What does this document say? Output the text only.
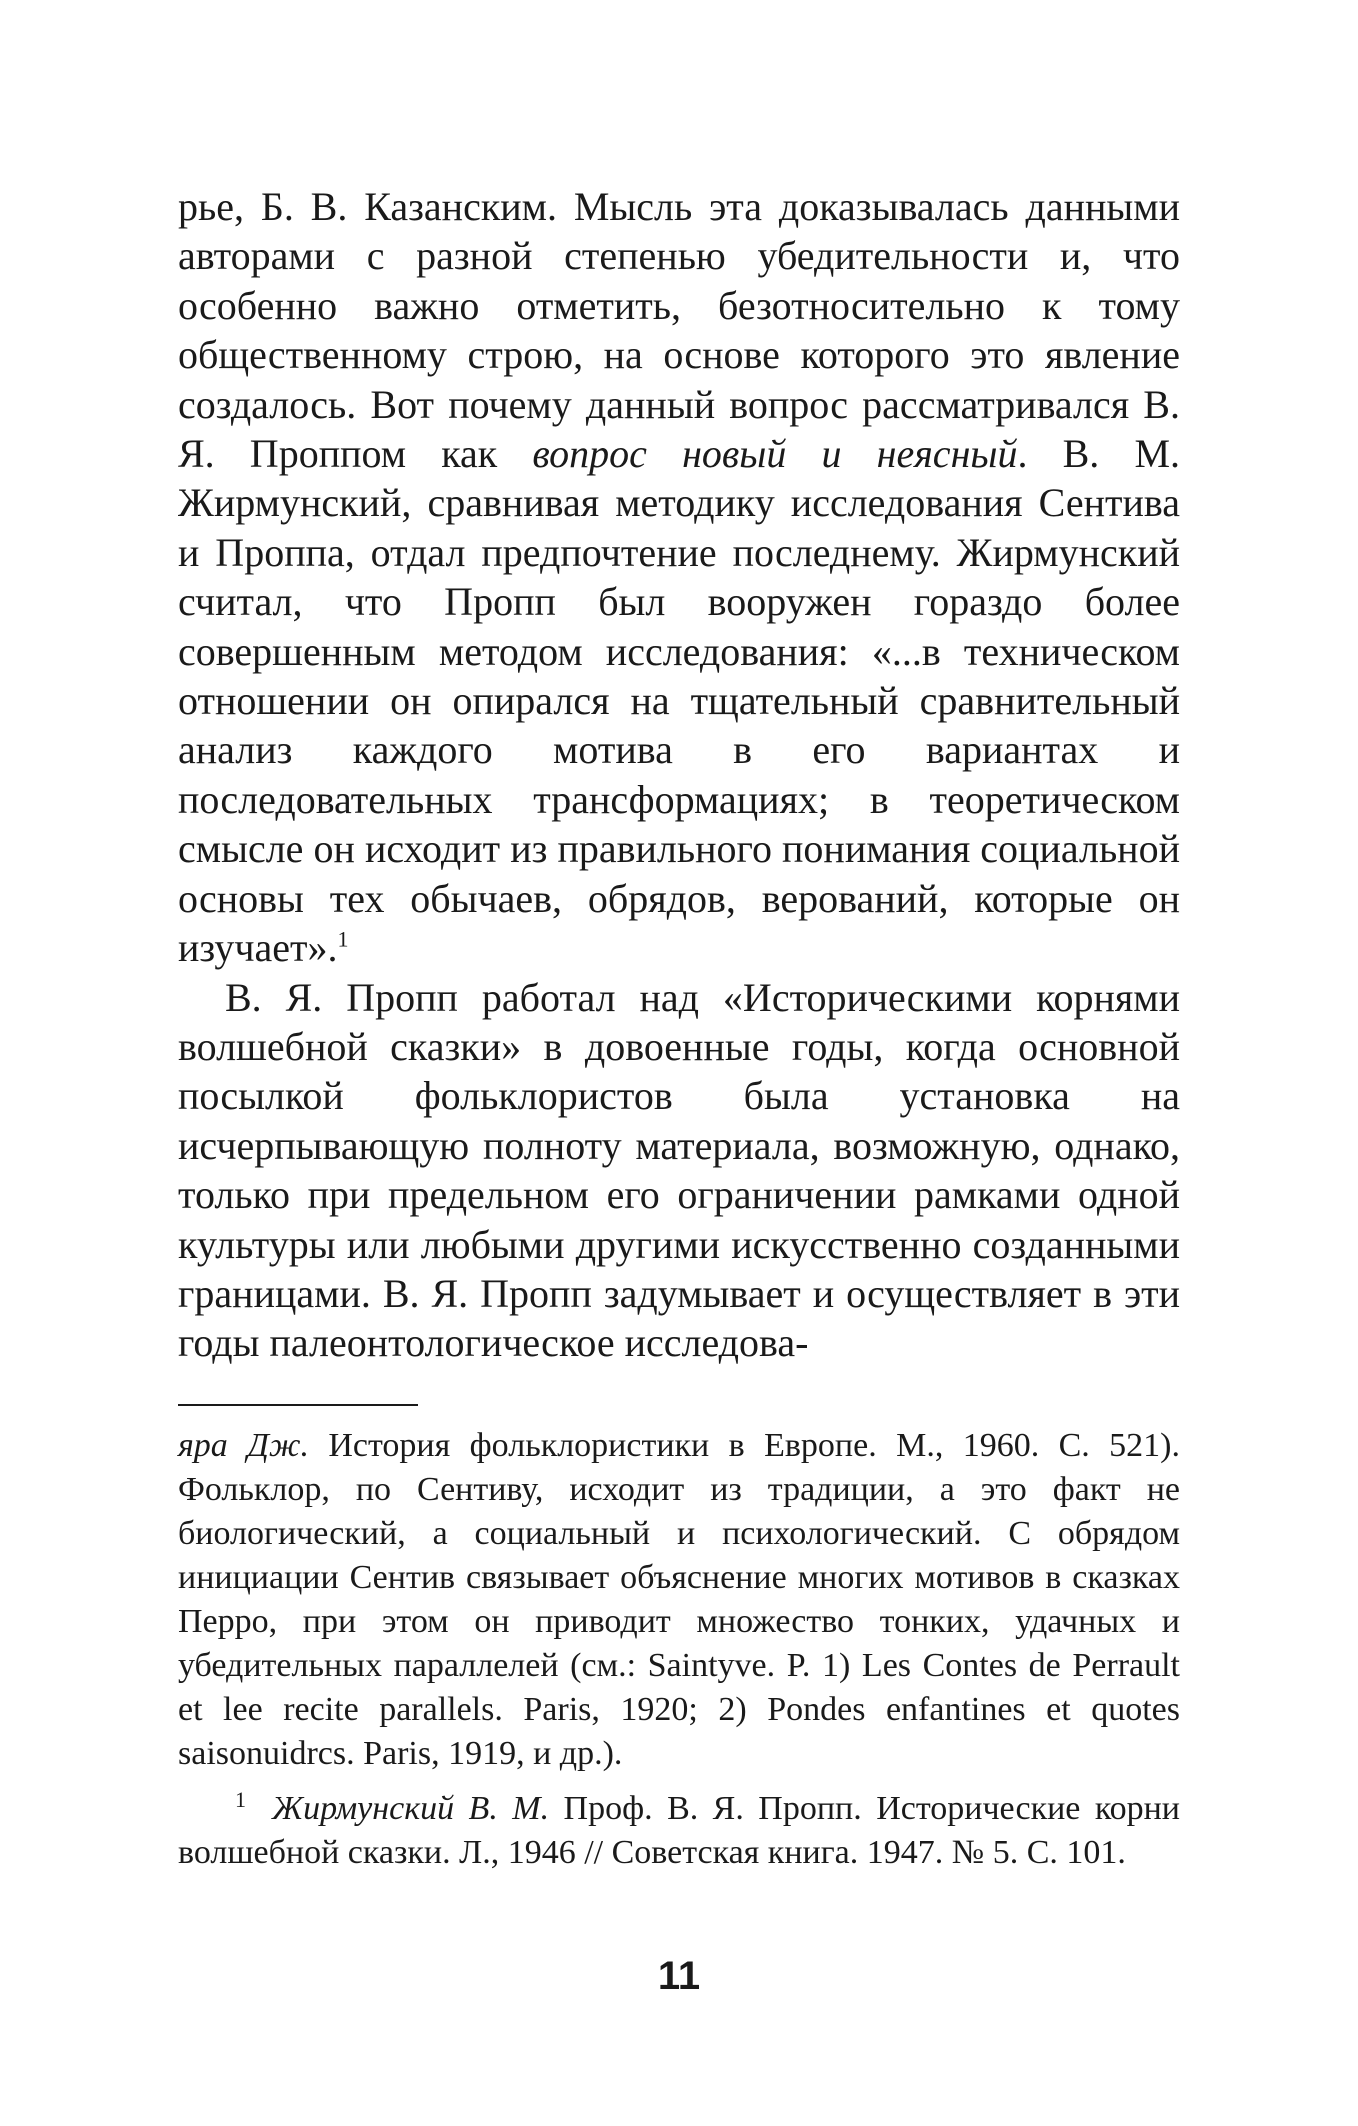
рье, Б. В. Казанским. Мысль эта доказывалась данными авторами с разной степенью убедительности и, что особенно важно отметить, безотносительно к тому общественному строю, на основе которого это явление создалось. Вот почему данный вопрос рассматривался В. Я. Проппом как вопрос новый и неясный. В. М. Жирмунский, сравнивая методику исследования Сентива и Проппа, отдал предпочтение последнему. Жирмунский считал, что Пропп был вооружен гораздо более совершенным методом исследования: «...в техническом отношении он опирался на тщательный сравнительный анализ каждого мотива в его вариантах и последовательных трансформациях; в теоретическом смысле он исходит из правильного понимания социальной основы тех обычаев, обрядов, верований, которые он изучает».$^1$

В. Я. Пропп работал над «Историческими корнями волшебной сказки» в довоенные годы, когда основной посылкой фольклористов была установка на исчерпывающую полноту материала, возможную, однако, только при предельном его ограничении рамками одной культуры или любыми другими искусственно созданными границами. В. Я. Пропп задумывает и осуществляет в эти годы палеонтологическое исследова-

яра Дж. История фольклористики в Европе. М., 1960. С. 521). Фольклор, по Сентиву, исходит из традиции, а это факт не биологический, а социальный и психологический. С обрядом инициации Сентив связывает объяснение многих мотивов в сказках Перро, при этом он приводит множество тонких, удачных и убедительных параллелей (см.: Saintyve. P. 1) Les Contes de Perrault et lee recite parallels. Paris, 1920; 2) Pondes enfantines et quotes saisonuidrcs. Paris, 1919, и др.).

$^1$ Жирмунский В. М. Проф. В. Я. Пропп. Исторические корни волшебной сказки. Л., 1946 // Советская книга. 1947. № 5. С. 101.

11
